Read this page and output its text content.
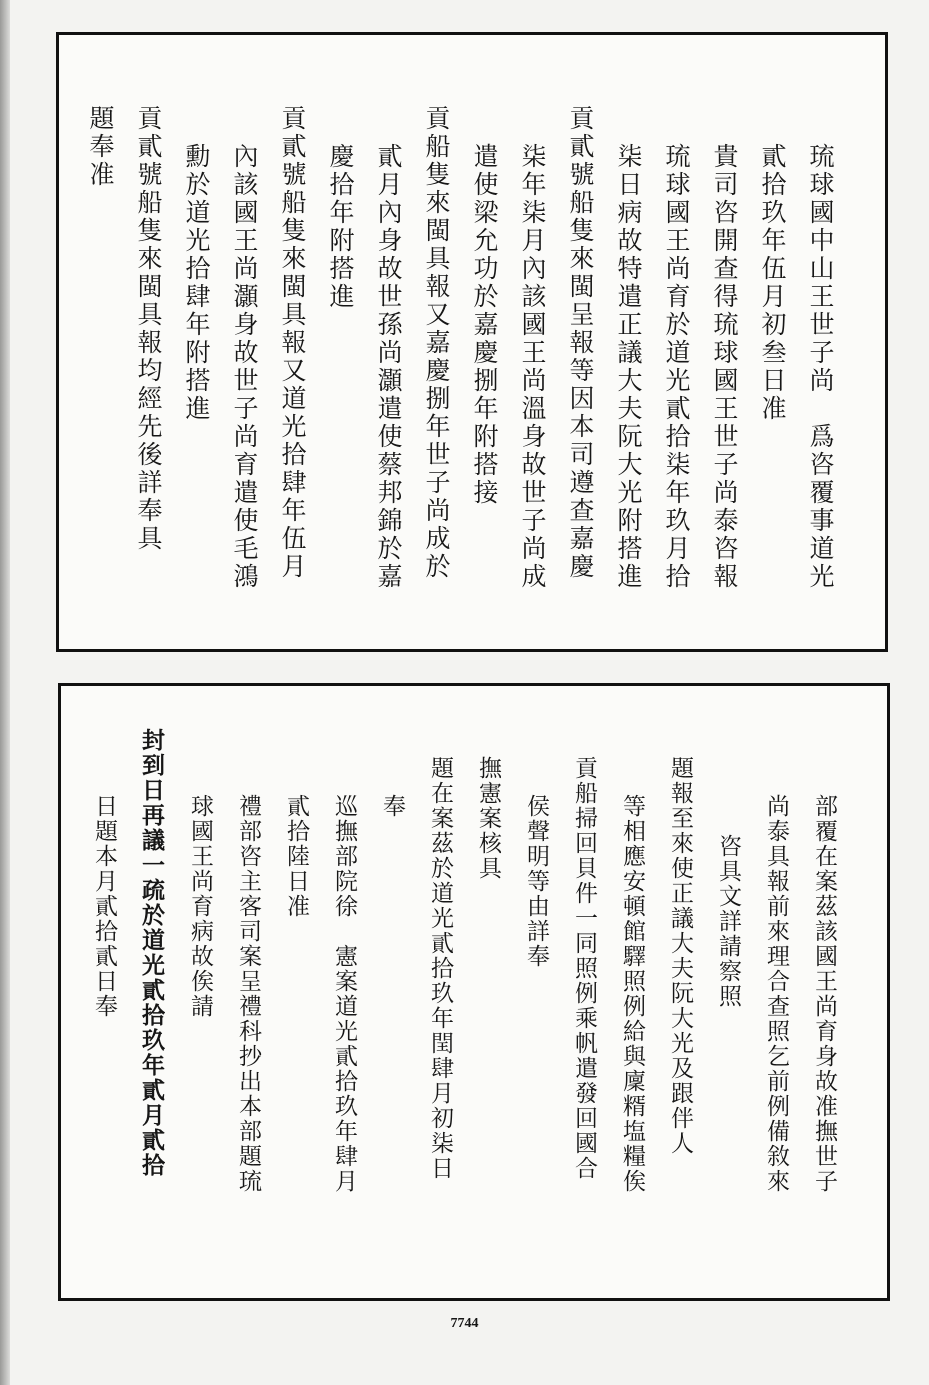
琉球國中山王世子尚　爲咨覆事道光
貳拾玖年伍月初叁日准
貴司咨開查得琉球國王世子尚泰咨報
琉球國王尚育於道光貳拾柒年玖月拾
柒日病故特遣正議大夫阮大光附搭進
貢貳號船隻來閩呈報等因本司遵查嘉慶
柒年柒月內該國王尚溫身故世子尚成
遣使梁允功於嘉慶捌年附搭接
貢船隻來閩具報又嘉慶捌年世子尚成於
貳月內身故世孫尚灝遣使蔡邦錦於嘉
慶拾年附搭進
貢貳號船隻來閩具報又道光拾肆年伍月
內該國王尚灝身故世子尚育遣使毛鴻
勳於道光拾肆年附搭進
貢貳號船隻來閩具報均經先後詳奉具
題奉准
部覆在案茲該國王尚育身故准撫世子
尚泰具報前來理合查照乞前例備敘來
咨具文詳請察照
題報至來使正議大夫阮大光及跟伴人
等相應安頓館驛照例給與廩糈塩糧俟
貢船掃回貝件一同照例乘帆遣發回國合
侯聲明等由詳奉
撫憲案核具
題在案茲於道光貳拾玖年閏肆月初柒日
奉
巡撫部院徐　憲案道光貳拾玖年肆月
貳拾陸日准
禮部咨主客司案呈禮科抄出本部題琉
球國王尚育病故俟請
封到日再議一疏於道光貳拾玖年貳月貳拾
日題本月貳拾貳日奉
7744
